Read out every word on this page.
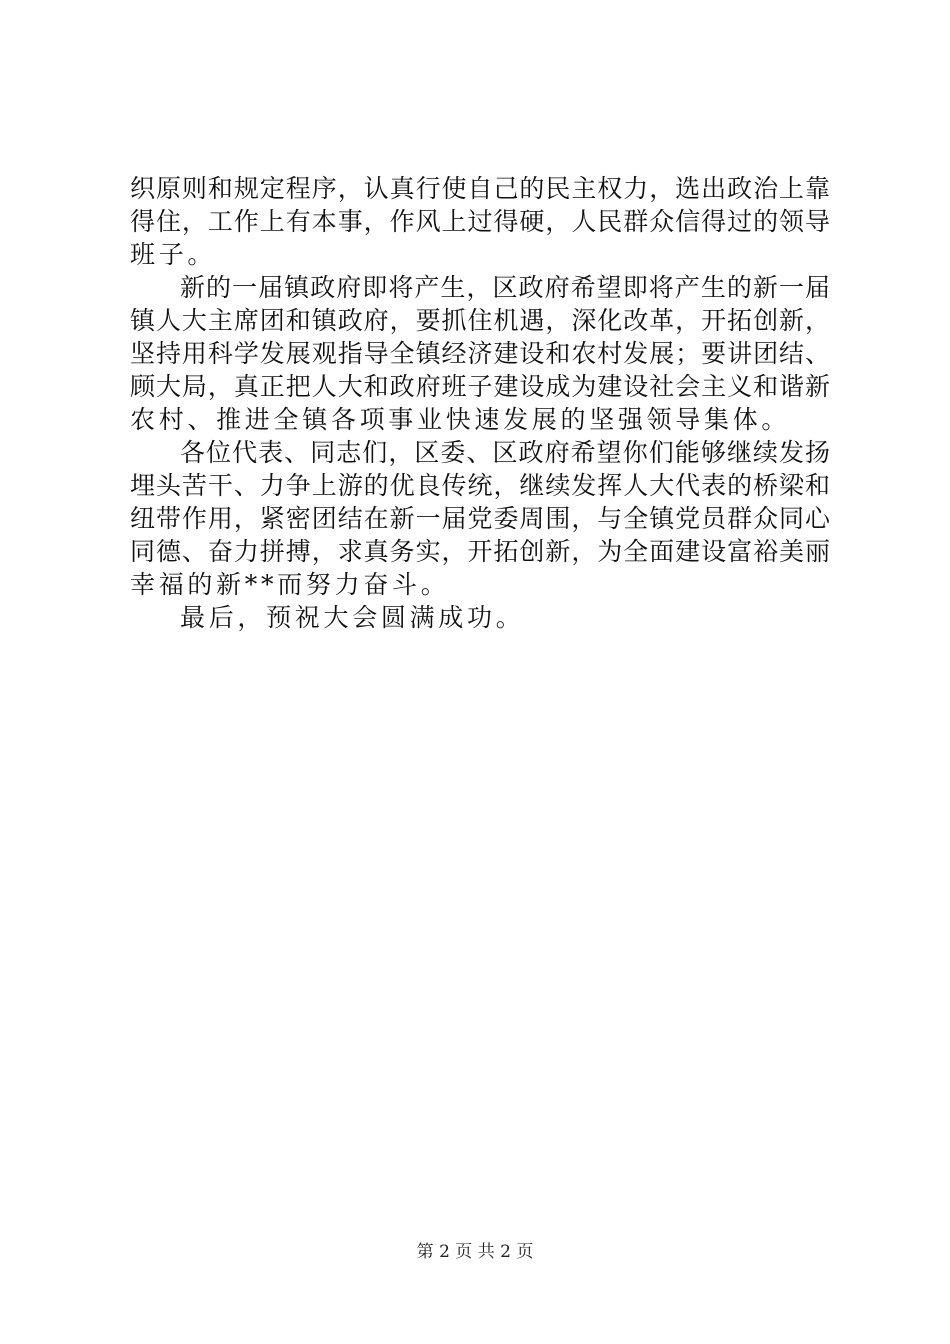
织原则和规定程序，认真行使自己的民主权力，选出政治上靠
得住，工作上有本事，作风上过得硬，人民群众信得过的领导
班子。
新的一届镇政府即将产生，区政府希望即将产生的新一届
镇人大主席团和镇政府，要抓住机遇，深化改革，开拓创新，
坚持用科学发展观指导全镇经济建设和农村发展；要讲团结、
顾大局，真正把人大和政府班子建设成为建设社会主义和谐新
农村、推进全镇各项事业快速发展的坚强领导集体。
各位代表、同志们，区委、区政府希望你们能够继续发扬
埋头苦干、力争上游的优良传统，继续发挥人大代表的桥梁和
纽带作用，紧密团结在新一届党委周围，与全镇党员群众同心
同德、奋力拼搏，求真务实，开拓创新，为全面建设富裕美丽
幸福的新**而努力奋斗。
最后，预祝大会圆满成功。
第 2 页 共 2 页
